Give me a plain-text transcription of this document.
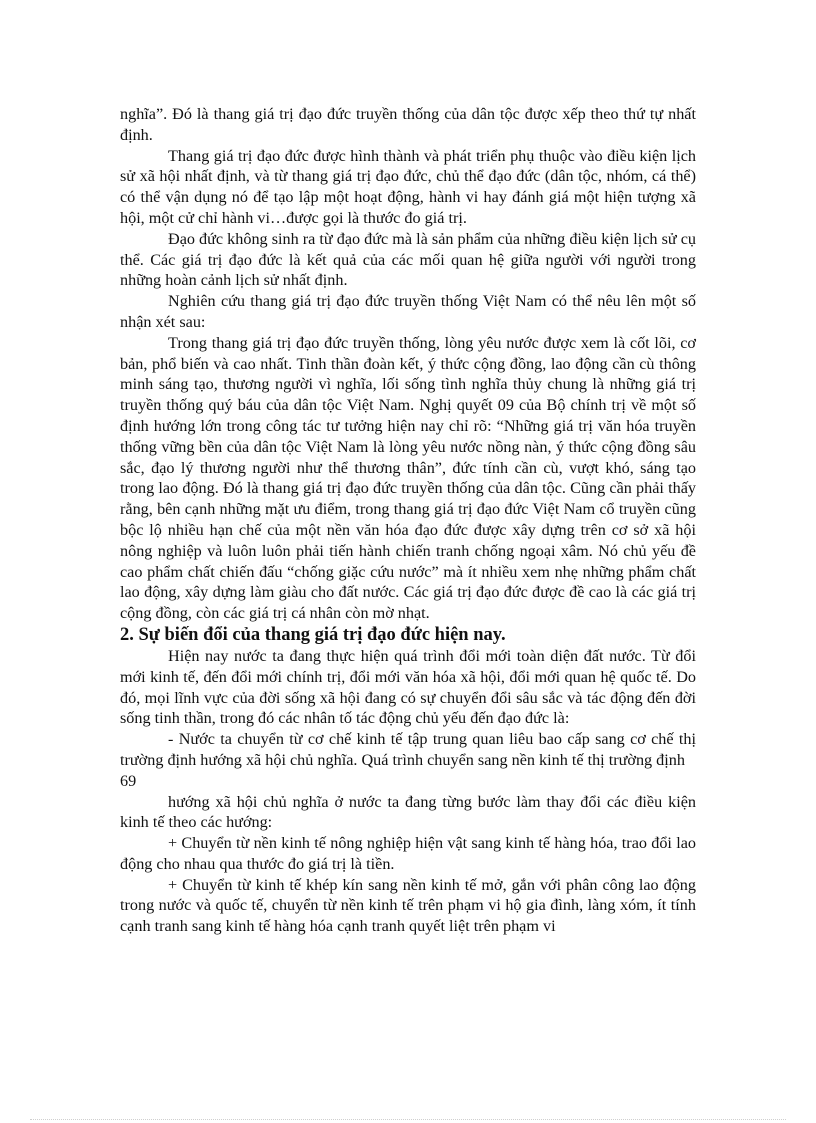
nghĩa”. Đó là thang giá trị đạo đức truyền thống của dân tộc được xếp theo thứ tự nhất định.

Thang giá trị đạo đức được hình thành và phát triển phụ thuộc vào điều kiện lịch sử xã hội nhất định, và từ thang giá trị đạo đức, chủ thể đạo đức (dân tộc, nhóm, cá thể) có thể vận dụng nó để tạo lập một hoạt động, hành vi hay đánh giá một hiện tượng xã hội, một cử chỉ hành vi…được gọi là thước đo giá trị.

Đạo đức không sinh ra từ đạo đức mà là sản phẩm của những điều kiện lịch sử cụ thể. Các giá trị đạo đức là kết quả của các mối quan hệ giữa người với người trong những hoàn cảnh lịch sử nhất định.

Nghiên cứu thang giá trị đạo đức truyền thống Việt Nam có thể nêu lên một số nhận xét sau:

Trong thang giá trị đạo đức truyền thống, lòng yêu nước được xem là cốt lõi, cơ bản, phổ biến và cao nhất. Tinh thần đoàn kết, ý thức cộng đồng, lao động cần cù thông minh sáng tạo, thương người vì nghĩa, lối sống tình nghĩa thủy chung là những giá trị truyền thống quý báu của dân tộc Việt Nam. Nghị quyết 09 của Bộ chính trị về một số định hướng lớn trong công tác tư tưởng hiện nay chỉ rõ: “Những giá trị văn hóa truyền thống vững bền của dân tộc Việt Nam là lòng yêu nước nồng nàn, ý thức cộng đồng sâu sắc, đạo lý thương người như thể thương thân”, đức tính cần cù, vượt khó, sáng tạo trong lao động. Đó là thang giá trị đạo đức truyền thống của dân tộc. Cũng cần phải thấy rằng, bên cạnh những mặt ưu điểm, trong thang giá trị đạo đức Việt Nam cổ truyền cũng bộc lộ nhiều hạn chế của một nền văn hóa đạo đức được xây dựng trên cơ sở xã hội nông nghiệp và luôn luôn phải tiến hành chiến tranh chống ngoại xâm. Nó chủ yếu đề cao phẩm chất chiến đấu “chống giặc cứu nước” mà ít nhiều xem nhẹ những phẩm chất lao động, xây dựng làm giàu cho đất nước. Các giá trị đạo đức được đề cao là các giá trị cộng đồng, còn các giá trị cá nhân còn mờ nhạt.

2. Sự biến đổi của thang giá trị đạo đức hiện nay.

Hiện nay nước ta đang thực hiện quá trình đổi mới toàn diện đất nước. Từ đổi mới kinh tế, đến đổi mới chính trị, đổi mới văn hóa xã hội, đổi mới quan hệ quốc tế. Do đó, mọi lĩnh vực của đời sống xã hội đang có sự chuyển đổi sâu sắc và tác động đến đời sống tinh thần, trong đó các nhân tố tác động chủ yếu đến đạo đức là:

- Nước ta chuyển từ cơ chế kinh tế tập trung quan liêu bao cấp sang cơ chế thị trường định hướng xã hội chủ nghĩa. Quá trình chuyển sang nền kinh tế thị trường định

69

hướng xã hội chủ nghĩa ở nước ta đang từng bước làm thay đổi các điều kiện kinh tế theo các hướng:

+ Chuyển từ nền kinh tế nông nghiệp hiện vật sang kinh tế hàng hóa, trao đổi lao động cho nhau qua thước đo giá trị là tiền.

+ Chuyển từ kinh tế khép kín sang nền kinh tế mở, gắn với phân công lao động trong nước và quốc tế, chuyển từ nền kinh tế trên phạm vi hộ gia đình, làng xóm, ít tính cạnh tranh sang kinh tế hàng hóa cạnh tranh quyết liệt trên phạm vi
